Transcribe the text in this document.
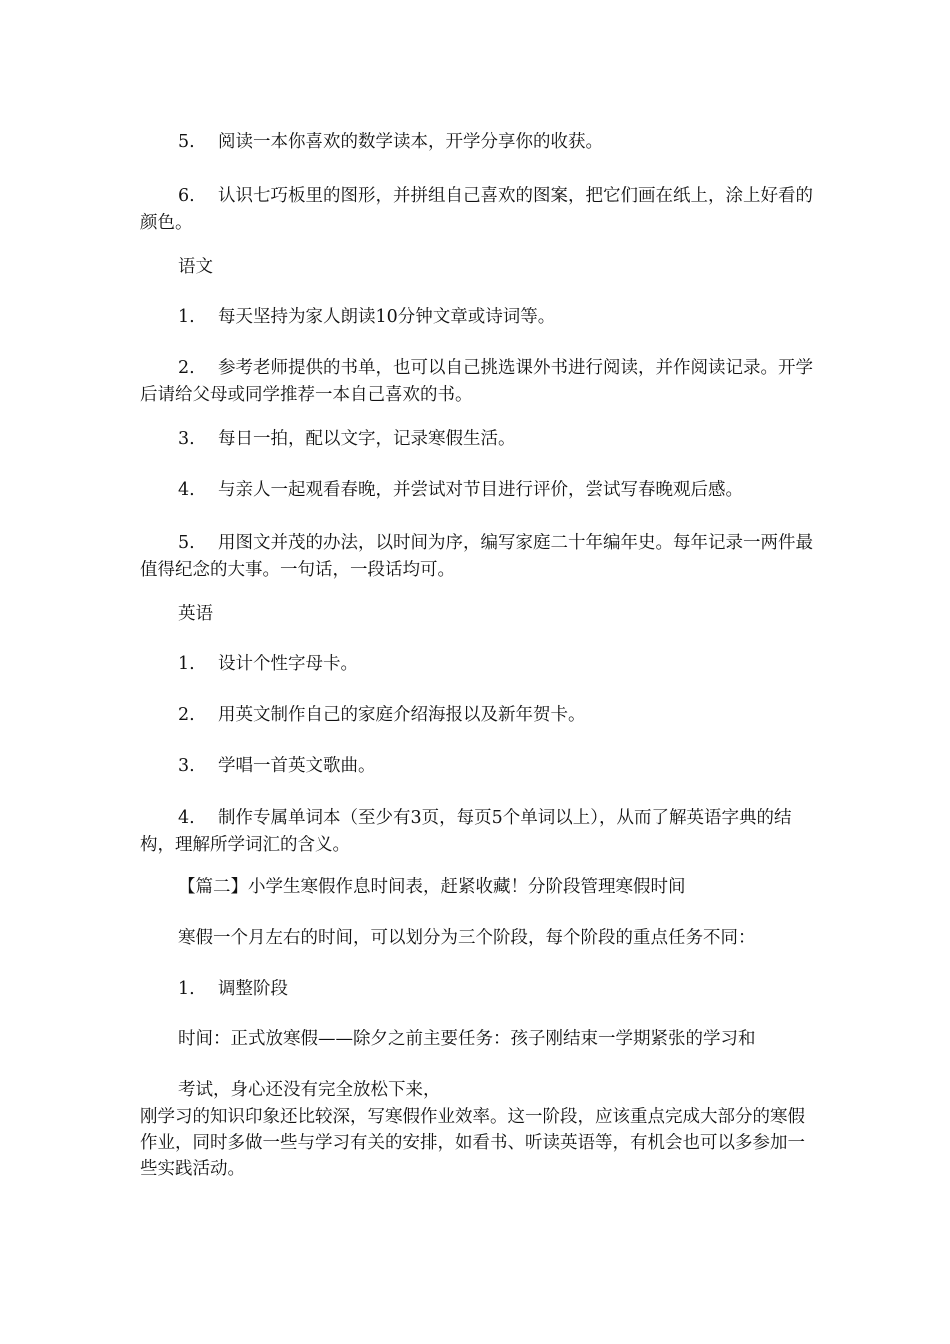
5. 阅读一本你喜欢的数学读本，开学分享你的收获。

6. 认识七巧板里的图形，并拼组自己喜欢的图案，把它们画在纸上，涂上好看的颜色。

语文

1. 每天坚持为家人朗读10分钟文章或诗词等。

2. 参考老师提供的书单，也可以自己挑选课外书进行阅读，并作阅读记录。开学后请给父母或同学推荐一本自己喜欢的书。

3. 每日一拍，配以文字，记录寒假生活。

4. 与亲人一起观看春晚，并尝试对节目进行评价，尝试写春晚观后感。

5. 用图文并茂的办法，以时间为序，编写家庭二十年编年史。每年记录一两件最值得纪念的大事。一句话，一段话均可。

英语

1. 设计个性字母卡。

2. 用英文制作自己的家庭介绍海报以及新年贺卡。

3. 学唱一首英文歌曲。

4. 制作专属单词本（至少有3页，每页5个单词以上），从而了解英语字典的结构，理解所学词汇的含义。

【篇二】小学生寒假作息时间表，赶紧收藏！分阶段管理寒假时间

寒假一个月左右的时间，可以划分为三个阶段，每个阶段的重点任务不同：

1. 调整阶段

时间：正式放寒假——除夕之前主要任务：孩子刚结束一学期紧张的学习和

考试，身心还没有完全放松下来，

刚学习的知识印象还比较深，写寒假作业效率。这一阶段，应该重点完成大部分的寒假作业，同时多做一些与学习有关的安排，如看书、听读英语等，有机会也可以多参加一些实践活动。
